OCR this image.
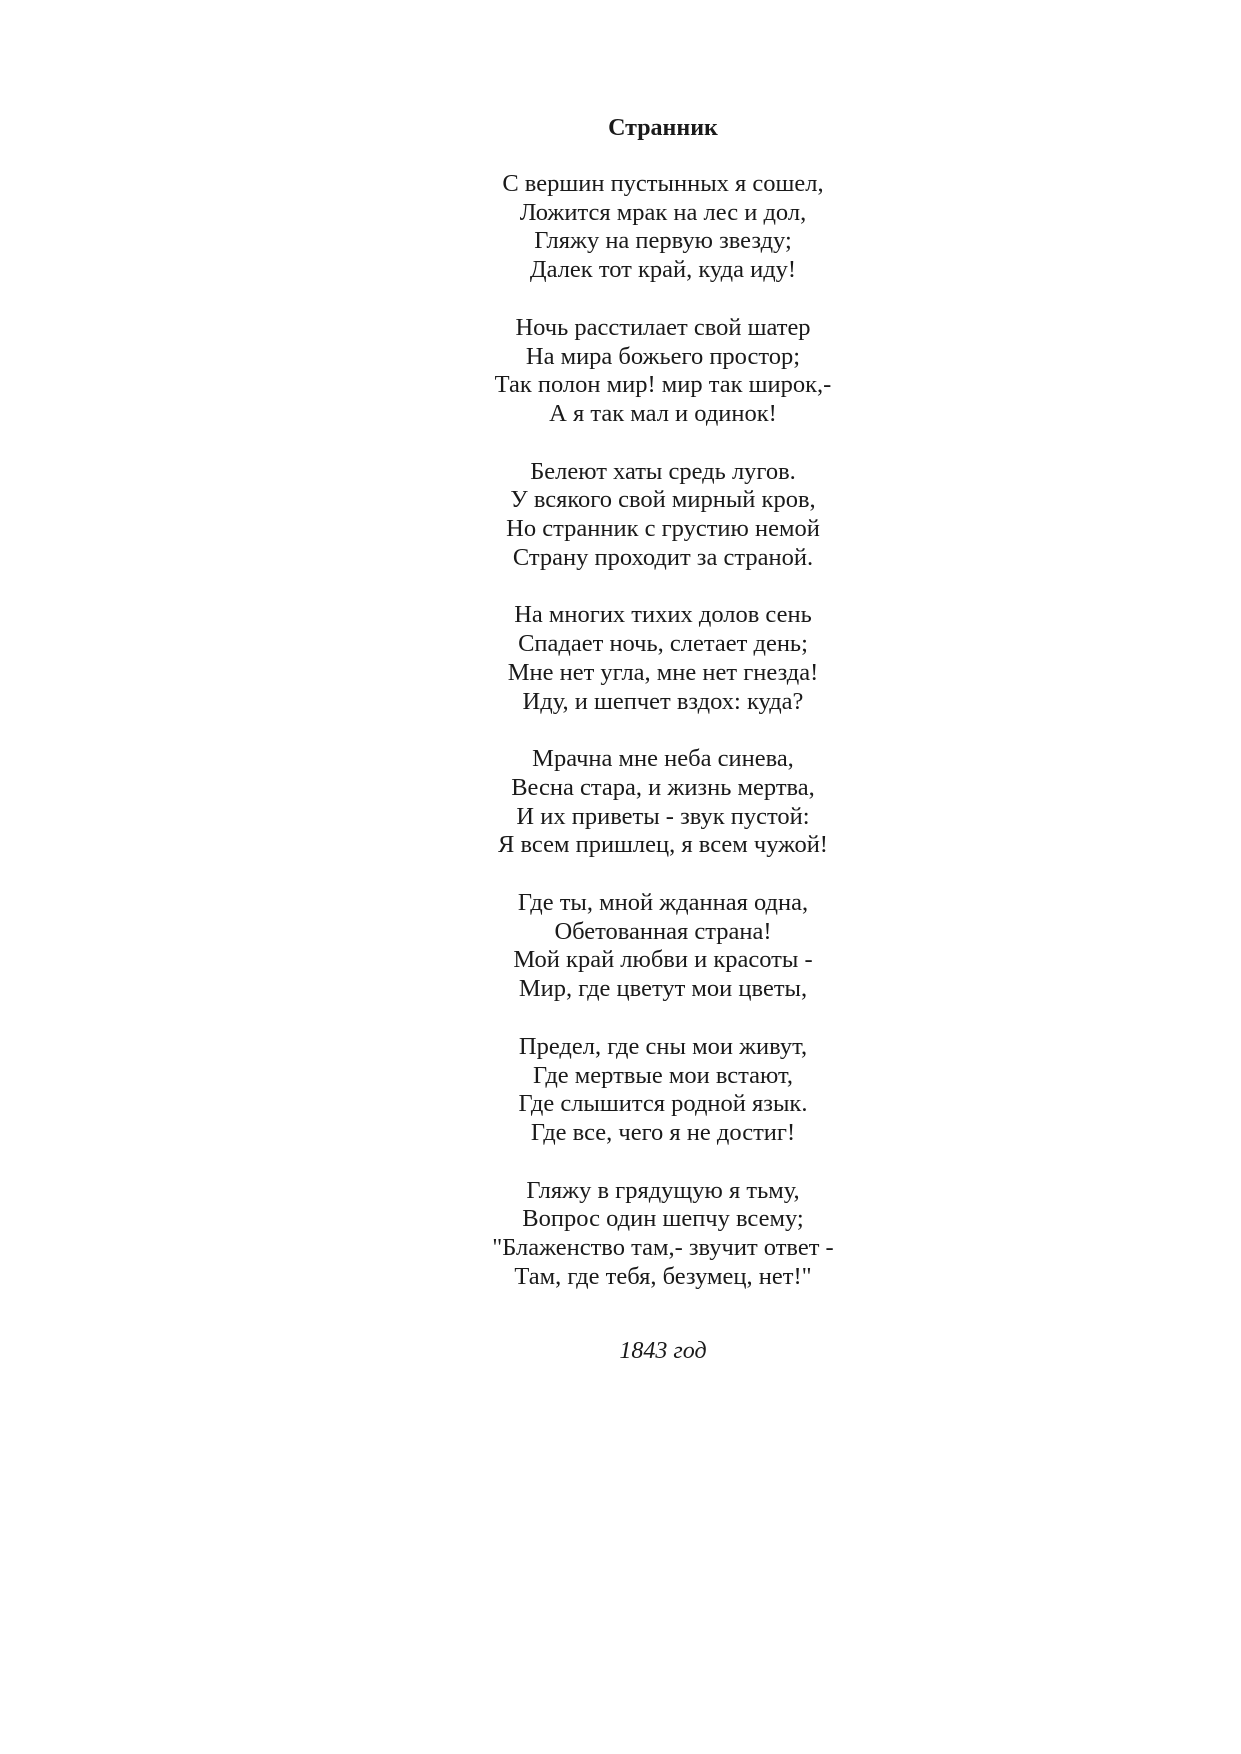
Странник
С вершин пустынных я сошел,
Ложится мрак на лес и дол,
Гляжу на первую звезду;
Далек тот край, куда иду!
Ночь расстилает свой шатер
На мира божьего простор;
Так полон мир! мир так широк,-
А я так мал и одинок!
Белеют хаты средь лугов.
У всякого свой мирный кров,
Но странник с грустию немой
Страну проходит за страной.
На многих тихих долов сень
Спадает ночь, слетает день;
Мне нет угла, мне нет гнезда!
Иду, и шепчет вздох: куда?
Мрачна мне неба синева,
Весна стара, и жизнь мертва,
И их приветы - звук пустой:
Я всем пришлец, я всем чужой!
Где ты, мной жданная одна,
Обетованная страна!
Мой край любви и красоты -
Мир, где цветут мои цветы,
Предел, где сны мои живут,
Где мертвые мои встают,
Где слышится родной язык.
Где все, чего я не достиг!
Гляжу в грядущую я тьму,
Вопрос один шепчу всему;
"Блаженство там,- звучит ответ -
Там, где тебя, безумец, нет!"
1843 год
